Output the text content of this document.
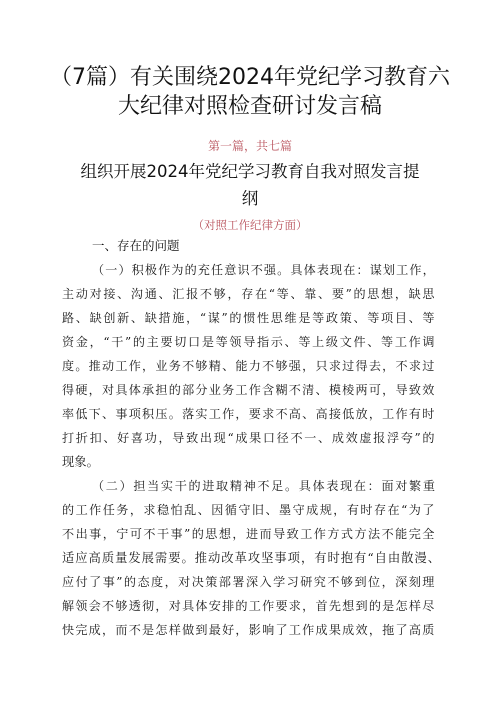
（7篇）有关围绕2024年党纪学习教育六
大纪律对照检查研讨发言稿
第一篇，共七篇
组织开展2024年党纪学习教育自我对照发言提
纲
（对照工作纪律方面）
一、存在的问题
（一）积极作为的充任意识不强。具体表现在：谋划工作，
主动对接、沟通、汇报不够，存在“等、靠、要”的思想，缺思
路、缺创新、缺措施，“谋”的惯性思维是等政策、等项目、等
资金，“干”的主要切口是等领导指示、等上级文件、等工作调
度。推动工作，业务不够精、能力不够强，只求过得去，不求过
得硬，对具体承担的部分业务工作含糊不清、模棱两可，导致效
率低下、事项积压。落实工作，要求不高、高接低放，工作有时
打折扣、好喜功，导致出现“成果口径不一、成效虚报浮夸”的
现象。
（二）担当实干的进取精神不足。具体表现在：面对繁重
的工作任务，求稳怕乱、因循守旧、墨守成规，有时存在“为了
不出事，宁可不干事”的思想，进而导致工作方式方法不能完全
适应高质量发展需要。推动改革攻坚事项，有时抱有“自由散漫、
应付了事”的态度，对决策部署深入学习研究不够到位，深刻理
解领会不够透彻，对具体安排的工作要求，首先想到的是怎样尽
快完成，而不是怎样做到最好，影响了工作成果成效，拖了高质
